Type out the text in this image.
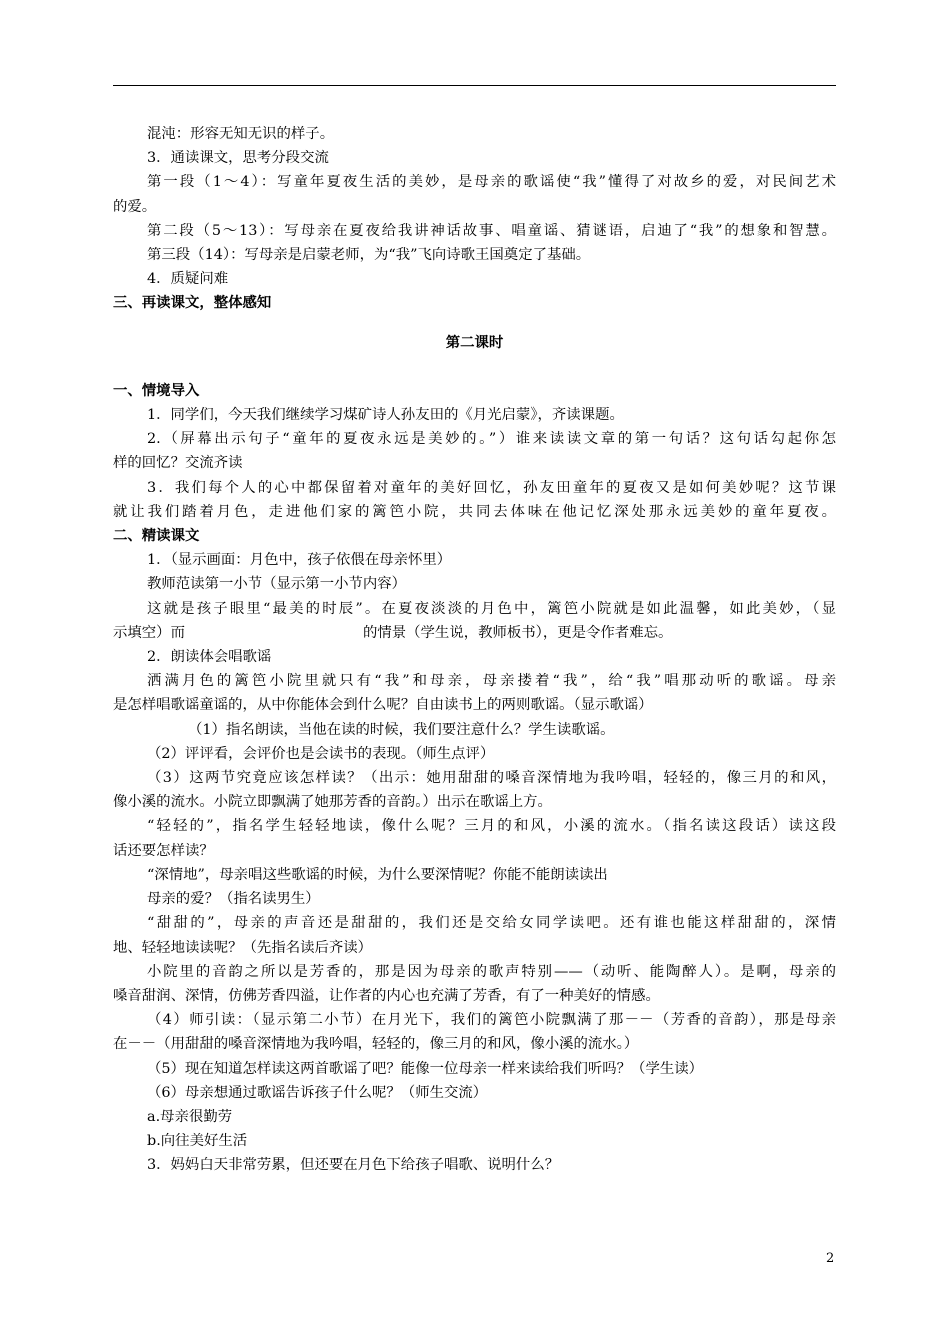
混沌：形容无知无识的样子。
3．通读课文，思考分段交流
第一段（1～4）：写童年夏夜生活的美妙，是母亲的歌谣使“我”懂得了对故乡的爱，对民间艺术
的爱。
第二段（5～13）：写母亲在夏夜给我讲神话故事、唱童谣、猜谜语，启迪了“我”的想象和智慧。
第三段（14）：写母亲是启蒙老师，为“我”飞向诗歌王国奠定了基础。
4．质疑问难
三、再读课文，整体感知
第二课时
一、情境导入
1．同学们，今天我们继续学习煤矿诗人孙友田的《月光启蒙》，齐读课题。
2.（屏幕出示句子“童年的夏夜永远是美妙的。”）谁来读读文章的第一句话？这句话勾起你怎
样的回忆？交流齐读
3．我们每个人的心中都保留着对童年的美好回忆，孙友田童年的夏夜又是如何美妙呢？这节课
就让我们踏着月色，走进他们家的篱笆小院，共同去体味在他记忆深处那永远美妙的童年夏夜。
二、精读课文
1．（显示画面：月色中，孩子依偎在母亲怀里）
教师范读第一小节（显示第一小节内容）
这就是孩子眼里“最美的时辰”。在夏夜淡淡的月色中，篱笆小院就是如此温馨，如此美妙，（显
示填空）而	的情景（学生说，教师板书），更是令作者难忘。
2．朗读体会唱歌谣
洒满月色的篱笆小院里就只有“我”和母亲，母亲搂着“我”，给“我”唱那动听的歌谣。母亲
是怎样唱歌谣童谣的，从中你能体会到什么呢？自由读书上的两则歌谣。（显示歌谣）
（1）指名朗读，当他在读的时候，我们要注意什么？学生读歌谣。
（2）评评看，会评价也是会读书的表现。（师生点评）
（3）这两节究竟应该怎样读？（出示：她用甜甜的嗓音深情地为我吟唱，轻轻的，像三月的和风，
像小溪的流水。小院立即飘满了她那芳香的音韵。）出示在歌谣上方。
“轻轻的”，指名学生轻轻地读，像什么呢？三月的和风，小溪的流水。（指名读这段话）读这段
话还要怎样读？
“深情地”，母亲唱这些歌谣的时候，为什么要深情呢？你能不能朗读读出
母亲的爱？（指名读男生）
“甜甜的”，母亲的声音还是甜甜的，我们还是交给女同学读吧。还有谁也能这样甜甜的，深情
地、轻轻地读读呢？（先指名读后齐读）
小院里的音韵之所以是芳香的，那是因为母亲的歌声特别——（动听、能陶醉人）。是啊，母亲的
嗓音甜润、深情，仿佛芳香四溢，让作者的内心也充满了芳香，有了一种美好的情感。
（4）师引读：（显示第二小节）在月光下，我们的篱笆小院飘满了那－－（芳香的音韵），那是母亲
在－－（用甜甜的嗓音深情地为我吟唱，轻轻的，像三月的和风，像小溪的流水。）
（5）现在知道怎样读这两首歌谣了吧？能像一位母亲一样来读给我们听吗？（学生读）
（6）母亲想通过歌谣告诉孩子什么呢？（师生交流）
a.母亲很勤劳
b.向往美好生活
3．妈妈白天非常劳累，但还要在月色下给孩子唱歌、说明什么？
2
